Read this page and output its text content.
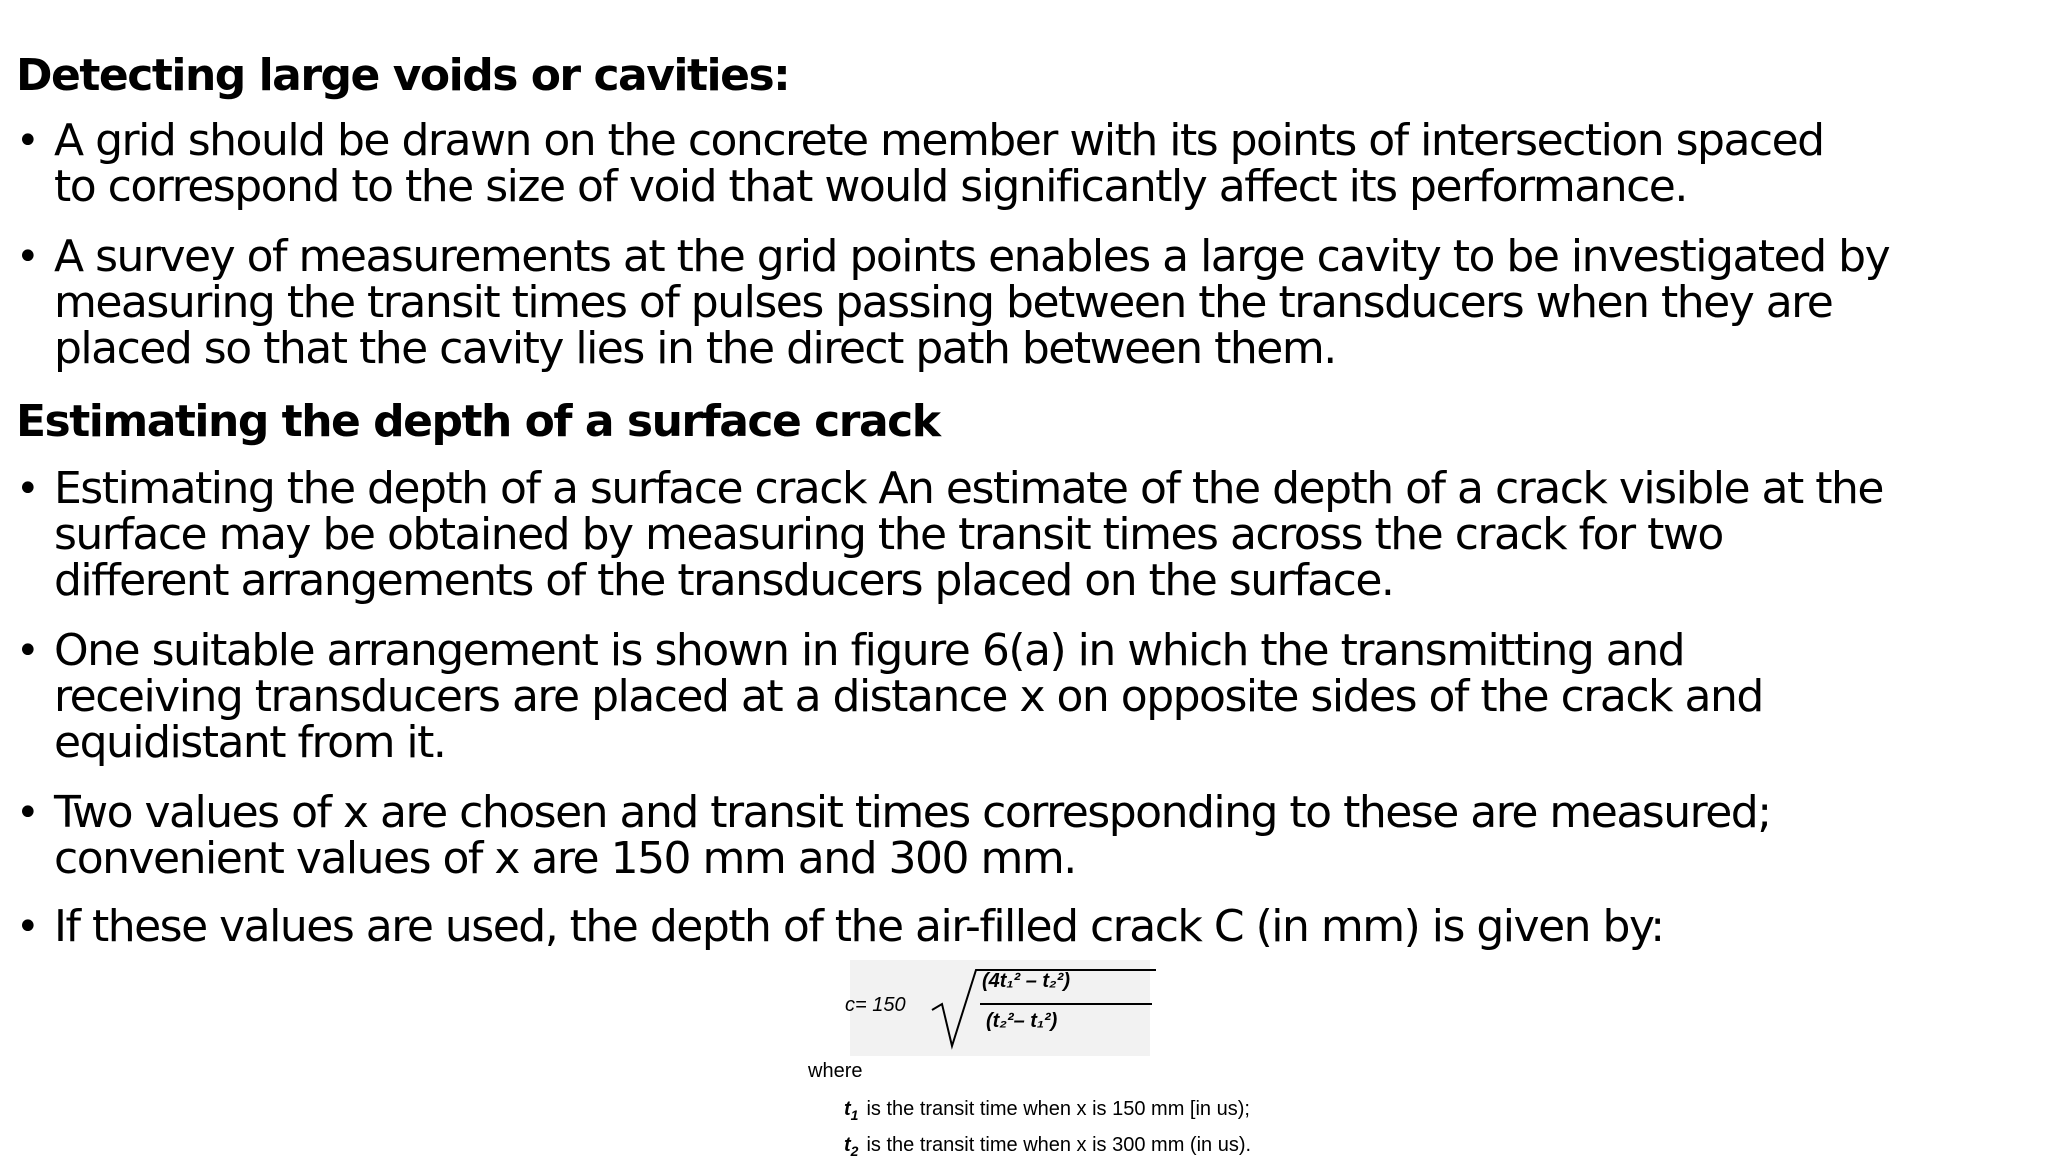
Detecting large voids or cavities:
• A grid should be drawn on the concrete member with its points of intersection spaced
to correspond to the size of void that would significantly affect its performance.
• A survey of measurements at the grid points enables a large cavity to be investigated by
measuring the transit times of pulses passing between the transducers when they are
placed so that the cavity lies in the direct path between them.
Estimating the depth of a surface crack
• Estimating the depth of a surface crack An estimate of the depth of a crack visible at the
surface may be obtained by measuring the transit times across the crack for two
different arrangements of the transducers placed on the surface.
• One suitable arrangement is shown in figure 6(a) in which the transmitting and
receiving transducers are placed at a distance x on opposite sides of the crack and
equidistant from it.
• Two values of x are chosen and transit times corresponding to these are measured;
convenient values of x are 150 mm and 300 mm.
• If these values are used, the depth of the air-filled crack C (in mm) is given by:
c= 150
(4t₁² – t₂²)
(t₂²– t₁²)
where
$t_1$ is the transit time when x is 150 mm [in us);
$t_2$ is the transit time when x is 300 mm (in us).
